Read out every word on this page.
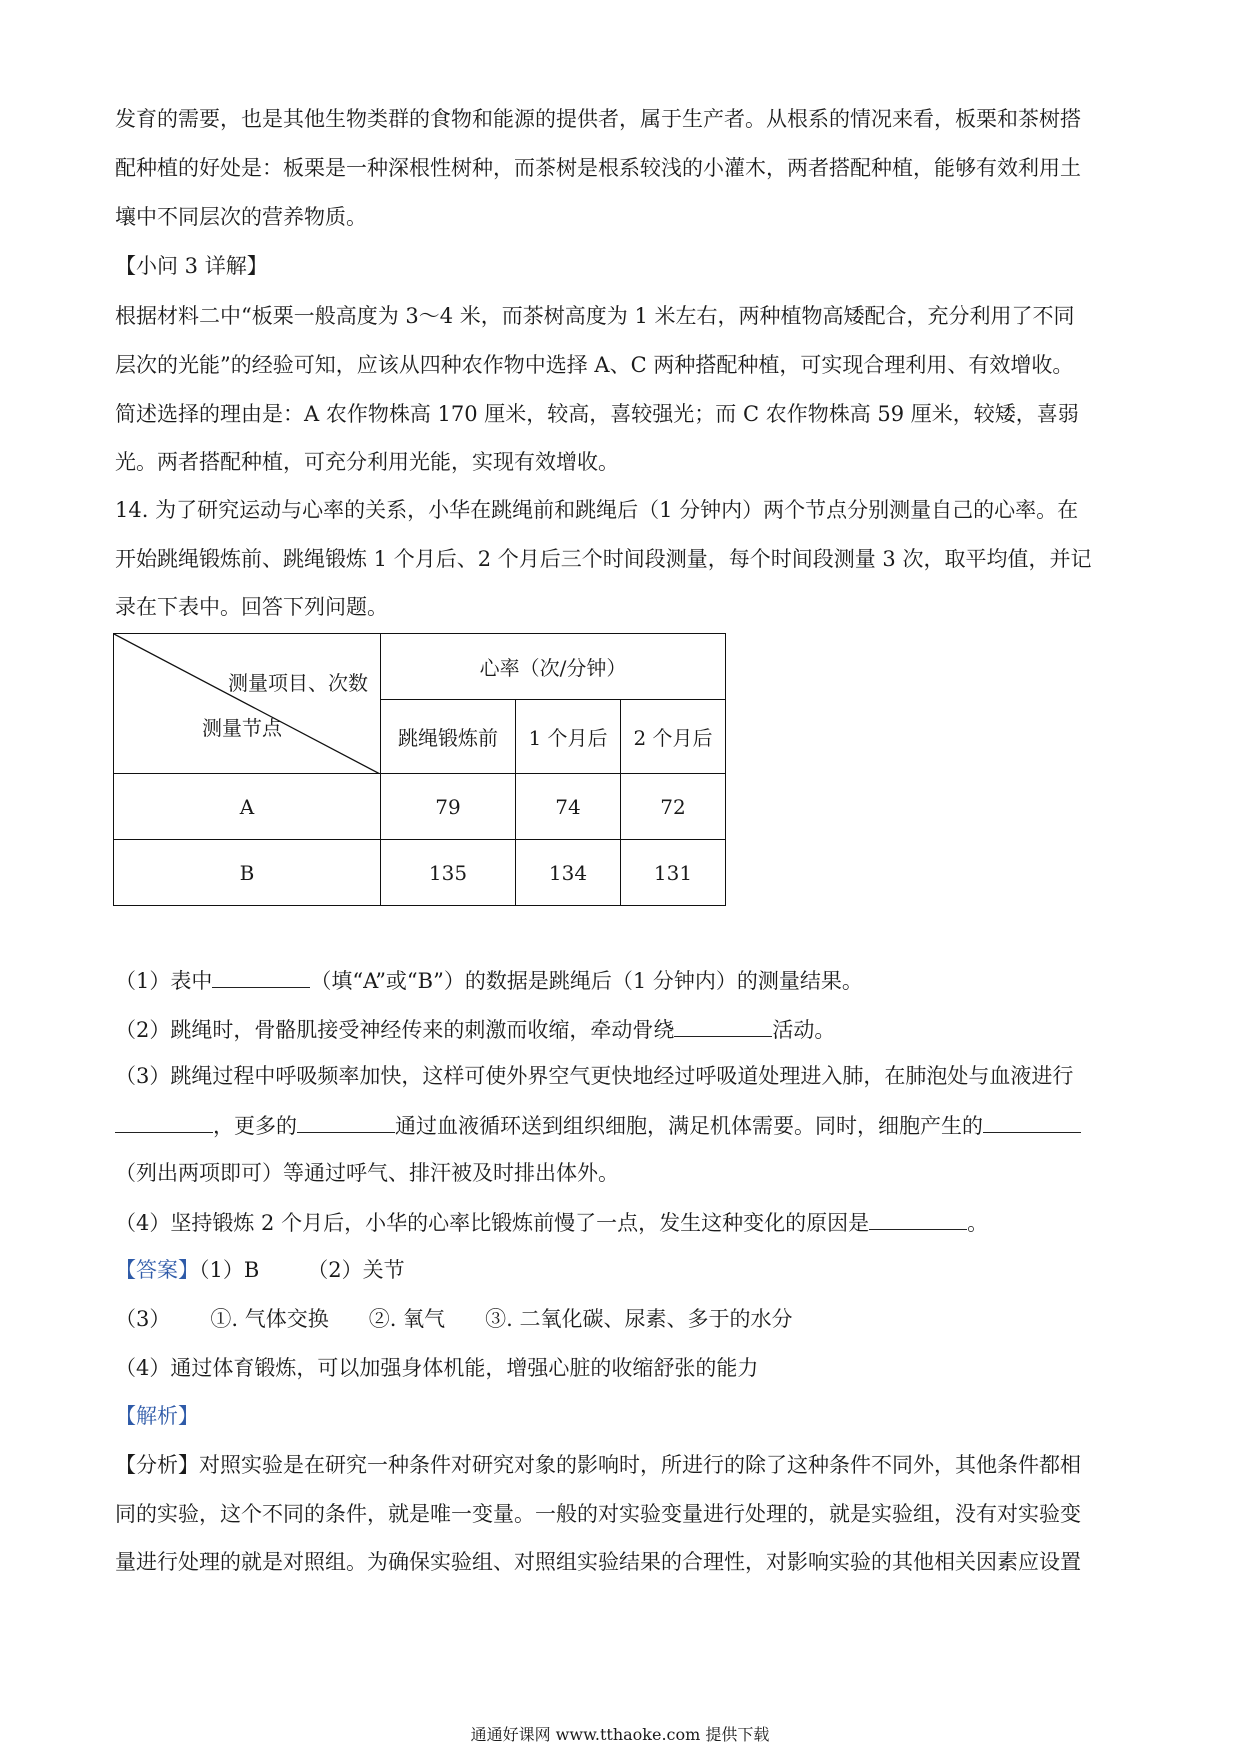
发育的需要，也是其他生物类群的食物和能源的提供者，属于生产者。从根系的情况来看，板栗和茶树搭
配种植的好处是：板栗是一种深根性树种，而茶树是根系较浅的小灌木，两者搭配种植，能够有效利用土
壤中不同层次的营养物质。
【小问 3 详解】
根据材料二中“板栗一般高度为 3～4 米，而茶树高度为 1 米左右，两种植物高矮配合，充分利用了不同
层次的光能”的经验可知，应该从四种农作物中选择 A、C 两种搭配种植，可实现合理利用、有效增收。
简述选择的理由是：A 农作物株高 170 厘米，较高，喜较强光；而 C 农作物株高 59 厘米，较矮，喜弱
光。两者搭配种植，可充分利用光能，实现有效增收。
14. 为了研究运动与心率的关系，小华在跳绳前和跳绳后（1 分钟内）两个节点分别测量自己的心率。在
开始跳绳锻炼前、跳绳锻炼 1 个月后、2 个月后三个时间段测量，每个时间段测量 3 次，取平均值，并记
录在下表中。回答下列问题。
测量项目、次数
测量节点	心率（次/分钟）		
	跳绳锻炼前	1 个月后	2 个月后
A	79	74	72
B	135	134	131
（1）表中	（填“A”或“B”）的数据是跳绳后（1 分钟内）的测量结果。
（2）跳绳时，骨骼肌接受神经传来的刺激而收缩，牵动骨绕	活动。
（3）跳绳过程中呼吸频率加快，这样可使外界空气更快地经过呼吸道处理进入肺，在肺泡处与血液进行
，更多的	通过血液循环送到组织细胞，满足机体需要。同时，细胞产生的
（列出两项即可）等通过呼气、排汗被及时排出体外。
（4）坚持锻炼 2 个月后，小华的心率比锻炼前慢了一点，发生这种变化的原因是	。
【答案】（1）B （2）关节
（3） ①. 气体交换 ②. 氧气 ③. 二氧化碳、尿素、多于的水分
（4）通过体育锻炼，可以加强身体机能，增强心脏的收缩舒张的能力
【解析】
【分析】对照实验是在研究一种条件对研究对象的影响时，所进行的除了这种条件不同外，其他条件都相
同的实验，这个不同的条件，就是唯一变量。一般的对实验变量进行处理的，就是实验组，没有对实验变
量进行处理的就是对照组。为确保实验组、对照组实验结果的合理性，对影响实验的其他相关因素应设置
通通好课网 www.tthaoke.com 提供下载
